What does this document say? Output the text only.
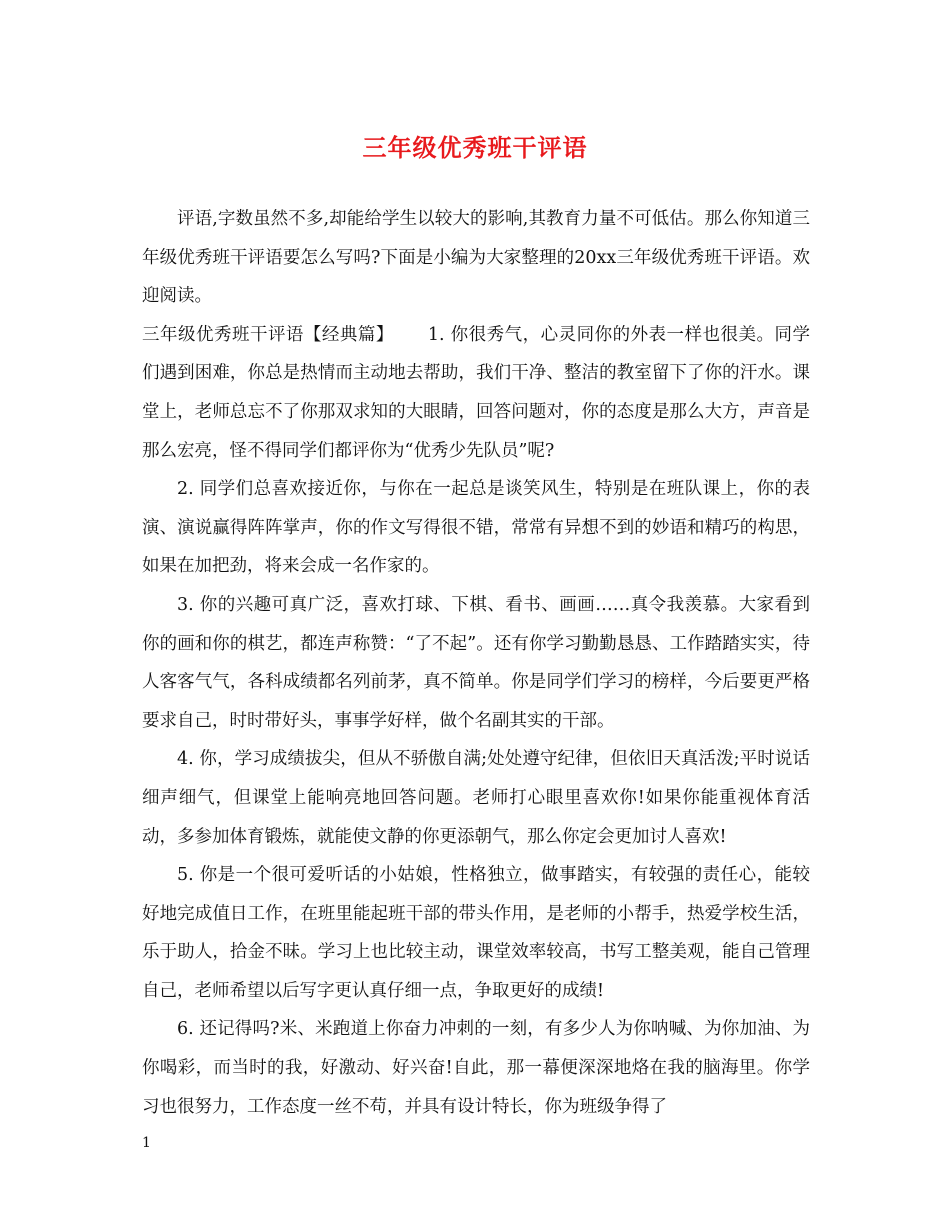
三年级优秀班干评语

评语,字数虽然不多,却能给学生以较大的影响,其教育力量不可低估。那么你知道三年级优秀班干评语要怎么写吗?下面是小编为大家整理的20xx三年级优秀班干评语。欢迎阅读。

三年级优秀班干评语【经典篇】 1. 你很秀气，心灵同你的外表一样也很美。同学们遇到困难，你总是热情而主动地去帮助，我们干净、整洁的教室留下了你的汗水。课堂上，老师总忘不了你那双求知的大眼睛，回答问题对，你的态度是那么大方，声音是那么宏亮，怪不得同学们都评你为“优秀少先队员”呢?

2. 同学们总喜欢接近你，与你在一起总是谈笑风生，特别是在班队课上，你的表演、演说赢得阵阵掌声，你的作文写得很不错，常常有异想不到的妙语和精巧的构思，如果在加把劲，将来会成一名作家的。

3. 你的兴趣可真广泛，喜欢打球、下棋、看书、画画……真令我羡慕。大家看到你的画和你的棋艺，都连声称赞：“了不起”。还有你学习勤勤恳恳、工作踏踏实实，待人客客气气，各科成绩都名列前茅，真不简单。你是同学们学习的榜样，今后要更严格要求自己，时时带好头，事事学好样，做个名副其实的干部。

4. 你，学习成绩拔尖，但从不骄傲自满;处处遵守纪律，但依旧天真活泼;平时说话细声细气，但课堂上能响亮地回答问题。老师打心眼里喜欢你!如果你能重视体育活动，多参加体育锻炼，就能使文静的你更添朝气，那么你定会更加讨人喜欢!

5. 你是一个很可爱听话的小姑娘，性格独立，做事踏实，有较强的责任心，能较好地完成值日工作，在班里能起班干部的带头作用，是老师的小帮手，热爱学校生活，乐于助人，拾金不昧。学习上也比较主动，课堂效率较高，书写工整美观，能自己管理自己，老师希望以后写字更认真仔细一点，争取更好的成绩!

6. 还记得吗?米、米跑道上你奋力冲刺的一刻，有多少人为你呐喊、为你加油、为你喝彩，而当时的我，好激动、好兴奋!自此，那一幕便深深地烙在我的脑海里。你学习也很努力，工作态度一丝不苟，并具有设计特长，你为班级争得了

1
